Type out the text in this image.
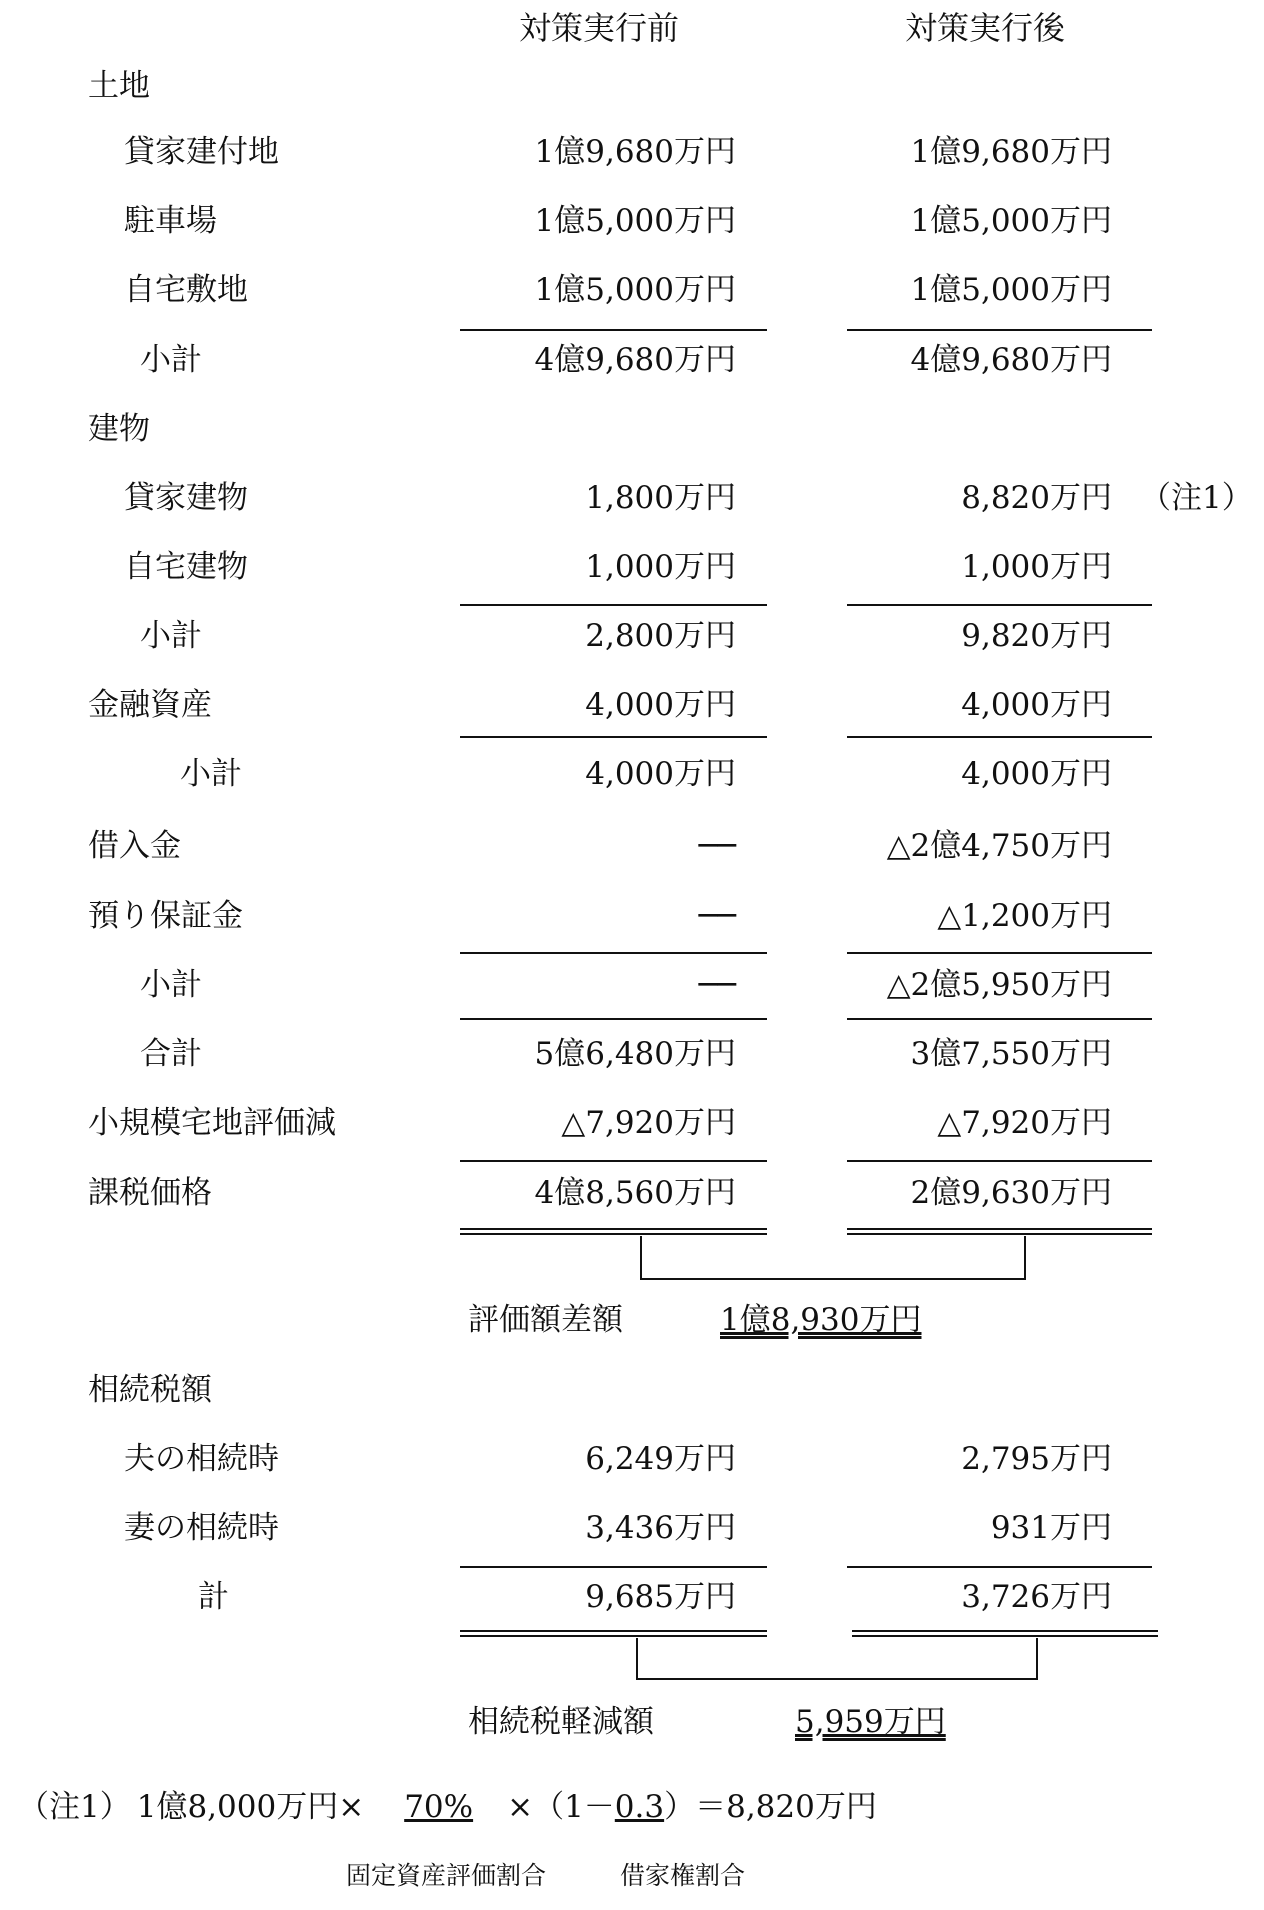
対策実行前	対策実行後
土地
貸家建付地	1億9,680万円	1億9,680万円
駐車場	1億5,000万円	1億5,000万円
自宅敷地	1億5,000万円	1億5,000万円
小計	4億9,680万円	4億9,680万円
建物
貸家建物	1,800万円	8,820万円 （注1）
自宅建物	1,000万円	1,000万円
小計	2,800万円	9,820万円
金融資産	4,000万円	4,000万円
小計	4,000万円	4,000万円
借入金	──	△2億4,750万円
預り保証金	──	△1,200万円
小計	──	△2億5,950万円
合計	5億6,480万円	3億7,550万円
小規模宅地評価減	△7,920万円	△7,920万円
課税価格	4億8,560万円	2億9,630万円
評価額差額	1億8,930万円
相続税額
夫の相続時	6,249万円	2,795万円
妻の相続時	3,436万円	931万円
計	9,685万円	3,726万円
相続税軽減額	5,959万円
（注1） 1億8,000万円× 70% ×（1－0.3）＝8,820万円
固定資産評価割合	借家権割合
